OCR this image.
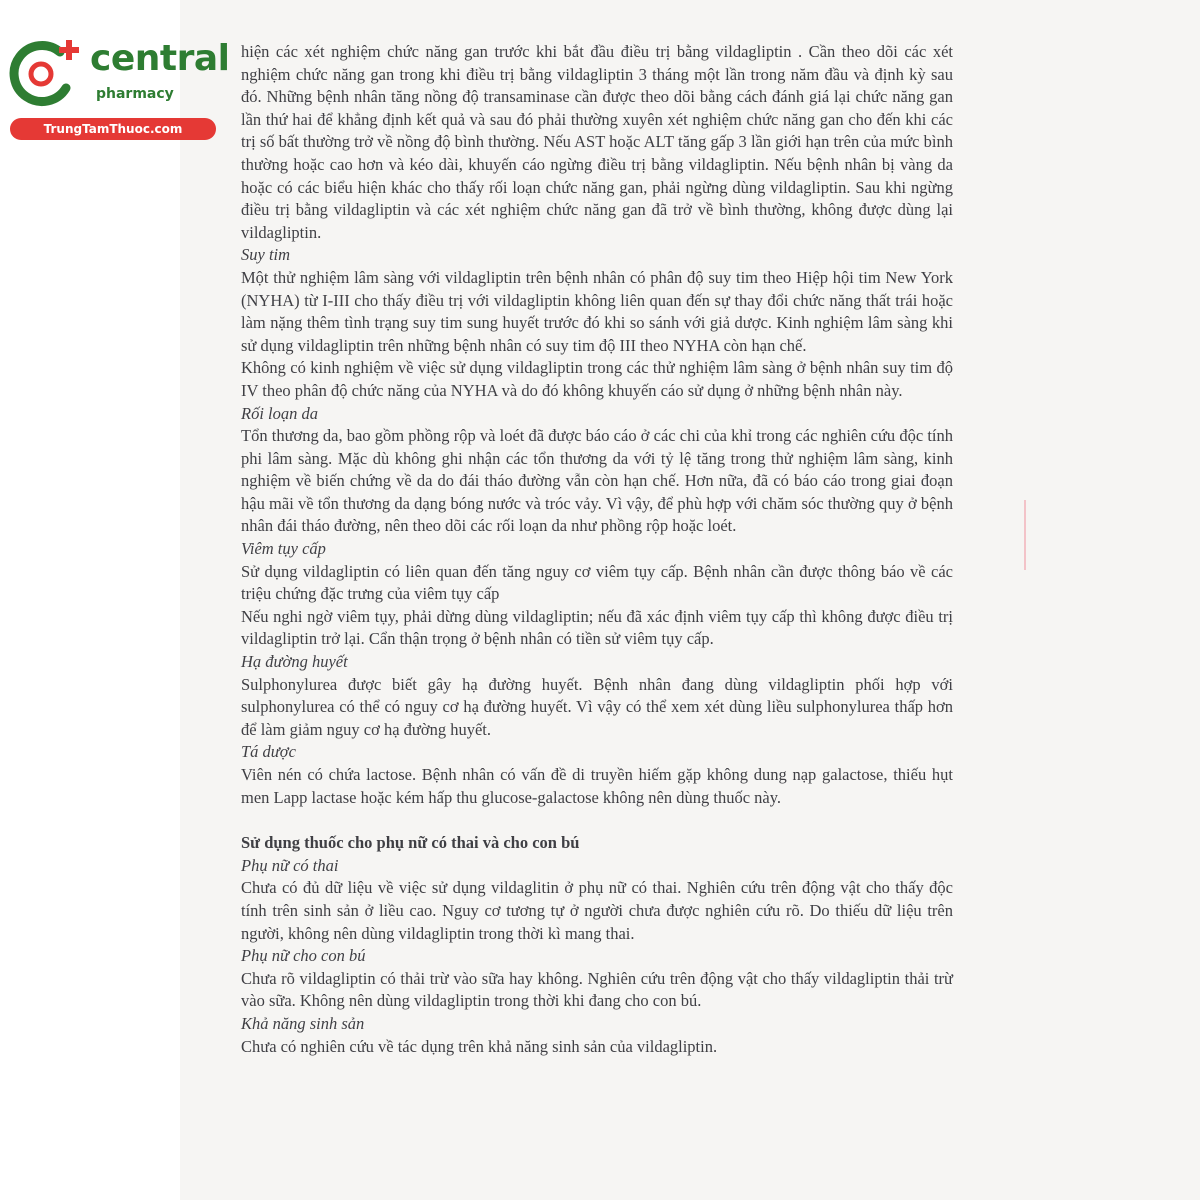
central
pharmacy
TrungTamThuoc.com

hiện các xét nghiệm chức năng gan trước khi bắt đầu điều trị bằng vildagliptin . Cần theo dõi các xét nghiệm chức năng gan trong khi điều trị bằng vildagliptin 3 tháng một lần trong năm đầu và định kỳ sau đó. Những bệnh nhân tăng nồng độ transaminase cần được theo dõi bằng cách đánh giá lại chức năng gan lần thứ hai để khẳng định kết quả và sau đó phải thường xuyên xét nghiệm chức năng gan cho đến khi các trị số bất thường trở về nồng độ bình thường. Nếu AST hoặc ALT tăng gấp 3 lần giới hạn trên của mức bình thường hoặc cao hơn và kéo dài, khuyến cáo ngừng điều trị bằng vildagliptin. Nếu bệnh nhân bị vàng da hoặc có các biểu hiện khác cho thấy rối loạn chức năng gan, phải ngừng dùng vildagliptin. Sau khi ngừng điều trị bằng vildagliptin và các xét nghiệm chức năng gan đã trở về bình thường, không được dùng lại vildagliptin.

Suy tim

Một thử nghiệm lâm sàng với vildagliptin trên bệnh nhân có phân độ suy tim theo Hiệp hội tim New York (NYHA) từ I-III cho thấy điều trị với vildagliptin không liên quan đến sự thay đổi chức năng thất trái hoặc làm nặng thêm tình trạng suy tim sung huyết trước đó khi so sánh với giả dược. Kinh nghiệm lâm sàng khi sử dụng vildagliptin trên những bệnh nhân có suy tim độ III theo NYHA còn hạn chế.

Không có kinh nghiệm về việc sử dụng vildagliptin trong các thử nghiệm lâm sàng ở bệnh nhân suy tim độ IV theo phân độ chức năng của NYHA và do đó không khuyến cáo sử dụng ở những bệnh nhân này.

Rối loạn da

Tổn thương da, bao gồm phồng rộp và loét đã được báo cáo ở các chi của khỉ trong các nghiên cứu độc tính phi lâm sàng. Mặc dù không ghi nhận các tổn thương da với tỷ lệ tăng trong thử nghiệm lâm sàng, kinh nghiệm về biến chứng về da do đái tháo đường vẫn còn hạn chế. Hơn nữa, đã có báo cáo trong giai đoạn hậu mãi về tổn thương da dạng bóng nước và tróc vảy. Vì vậy, để phù hợp với chăm sóc thường quy ở bệnh nhân đái tháo đường, nên theo dõi các rối loạn da như phồng rộp hoặc loét.

Viêm tụy cấp

Sử dụng vildagliptin có liên quan đến tăng nguy cơ viêm tụy cấp. Bệnh nhân cần được thông báo về các triệu chứng đặc trưng của viêm tụy cấp

Nếu nghi ngờ viêm tụy, phải dừng dùng vildagliptin; nếu đã xác định viêm tụy cấp thì không được điều trị vildagliptin trở lại. Cẩn thận trọng ở bệnh nhân có tiền sử viêm tụy cấp.

Hạ đường huyết

Sulphonylurea được biết gây hạ đường huyết. Bệnh nhân đang dùng vildagliptin phối hợp với sulphonylurea có thể có nguy cơ hạ đường huyết. Vì vậy có thể xem xét dùng liều sulphonylurea thấp hơn để làm giảm nguy cơ hạ đường huyết.

Tá dược

Viên nén có chứa lactose. Bệnh nhân có vấn đề di truyền hiếm gặp không dung nạp galactose, thiếu hụt men Lapp lactase hoặc kém hấp thu glucose-galactose không nên dùng thuốc này.

Sử dụng thuốc cho phụ nữ có thai và cho con bú

Phụ nữ có thai

Chưa có đủ dữ liệu về việc sử dụng vildaglitin ở phụ nữ có thai. Nghiên cứu trên động vật cho thấy độc tính trên sinh sản ở liều cao. Nguy cơ tương tự ở người chưa được nghiên cứu rõ. Do thiếu dữ liệu trên người, không nên dùng vildagliptin trong thời kì mang thai.

Phụ nữ cho con bú

Chưa rõ vildagliptin có thải trừ vào sữa hay không. Nghiên cứu trên động vật cho thấy vildagliptin thải trừ vào sữa. Không nên dùng vildagliptin trong thời khi đang cho con bú.

Khả năng sinh sản

Chưa có nghiên cứu về tác dụng trên khả năng sinh sản của vildagliptin.
